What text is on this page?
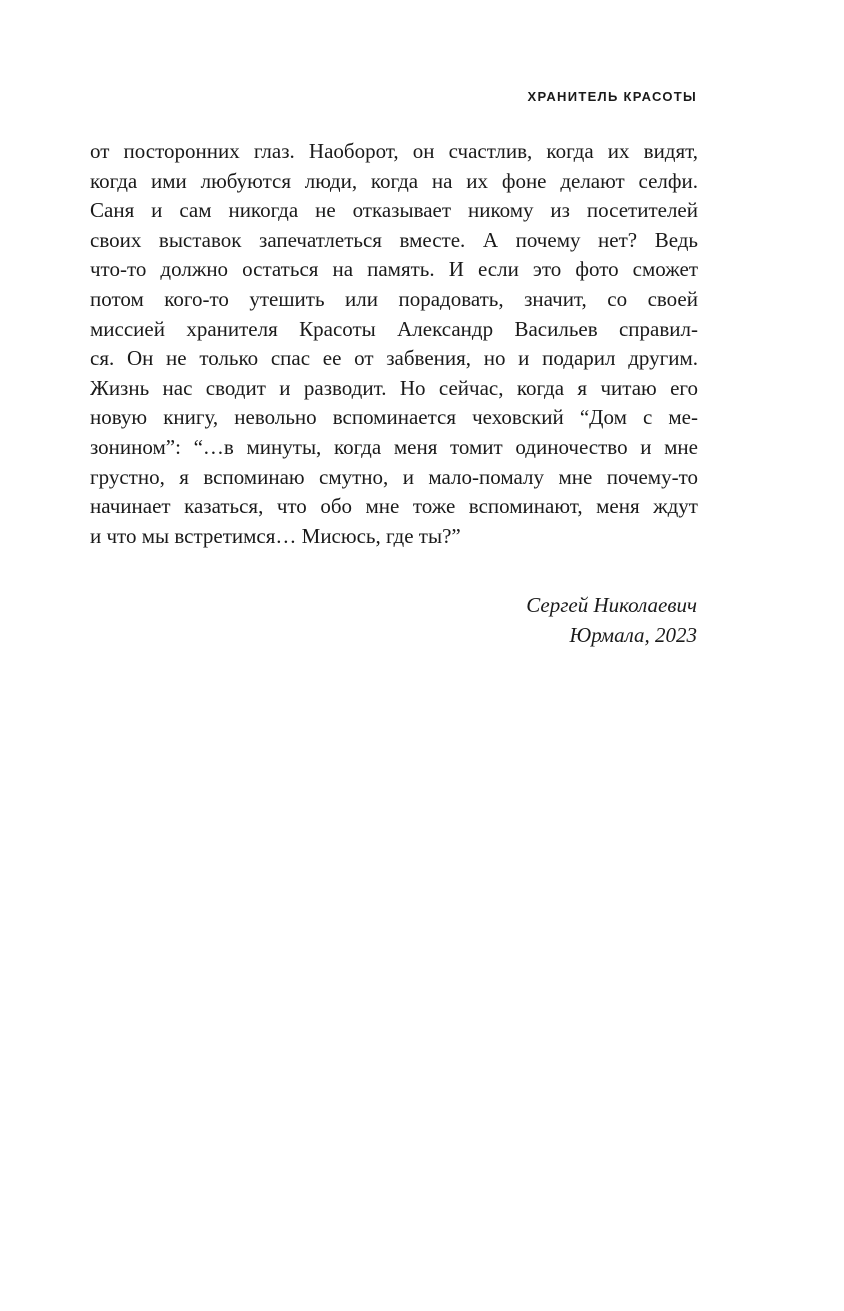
ХРАНИТЕЛЬ КРАСОТЫ
от посторонних глаз. Наоборот, он счастлив, когда их видят,
когда ими любуются люди, когда на их фоне делают селфи.
Саня и сам никогда не отказывает никому из посетителей
своих выставок запечатлеться вместе. А почему нет? Ведь
что-то должно остаться на память. И если это фото сможет
потом кого-то утешить или порадовать, значит, со своей
миссией хранителя Красоты Александр Васильев справил-
ся. Он не только спас ее от забвения, но и подарил другим.
Жизнь нас сводит и разводит. Но сейчас, когда я читаю его
новую книгу, невольно вспоминается чеховский “Дом с ме-
зонином”: “…в минуты, когда меня томит одиночество и мне
грустно, я вспоминаю смутно, и мало-помалу мне почему-то
начинает казаться, что обо мне тоже вспоминают, меня ждут
и что мы встретимся… Мисюсь, где ты?”
Сергей Николаевич
Юрмала, 2023
